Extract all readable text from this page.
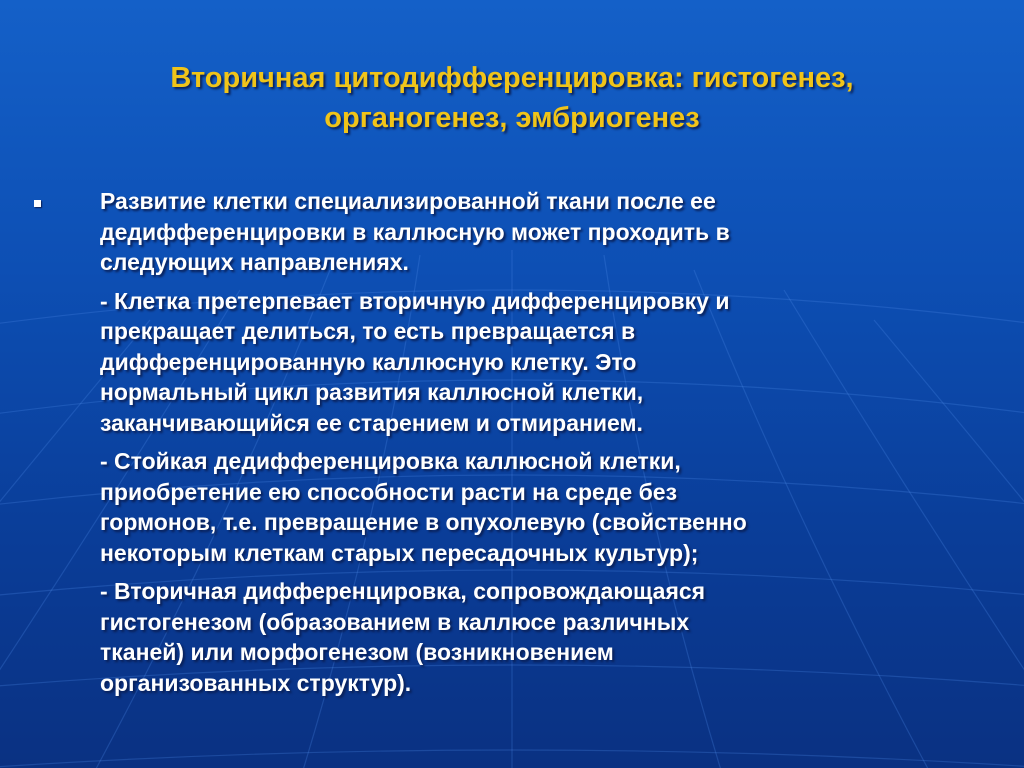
Вторичная цитодифференцировка: гистогенез,
органогенез, эмбриогенез
Развитие клетки специализированной ткани после ее
дедифференцировки в каллюсную может проходить в
следующих направлениях.
- Клетка претерпевает вторичную дифференцировку и
прекращает делиться, то есть превращается в
дифференцированную каллюсную клетку. Это
нормальный цикл развития каллюсной клетки,
заканчивающийся ее старением и отмиранием.
- Стойкая дедифференцировка каллюсной клетки,
приобретение ею способности расти на среде без
гормонов, т.е. превращение в опухолевую (свойственно
некоторым клеткам старых пересадочных культур);
- Вторичная дифференцировка, сопровождающаяся
гистогенезом (образованием в каллюсе различных
тканей) или морфогенезом (возникновением
организованных структур).
